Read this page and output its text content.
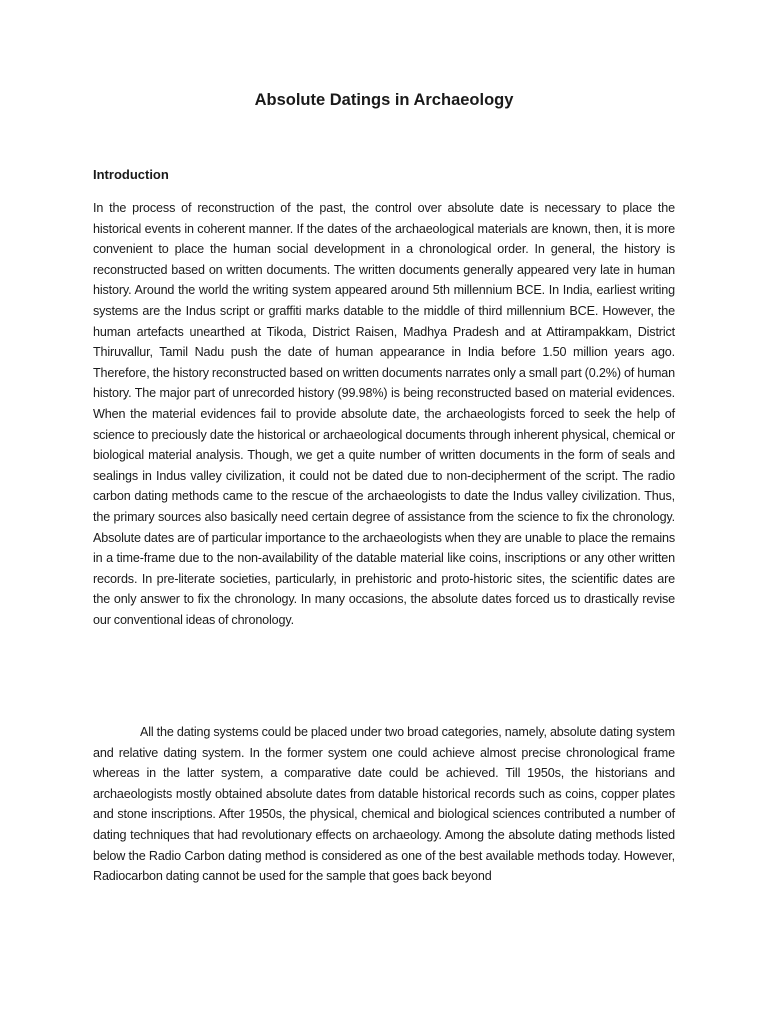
Absolute Datings in Archaeology
Introduction

In the process of reconstruction of the past, the control over absolute date is necessary to place the historical events in coherent manner. If the dates of the archaeological materials are known, then, it is more convenient to place the human social development in a chronological order. In general, the history is reconstructed based on written documents. The written documents generally appeared very late in human history. Around the world the writing system appeared around 5th millennium BCE. In India, earliest writing systems are the Indus script or graffiti marks datable to the middle of third millennium BCE. However, the human artefacts unearthed at Tikoda, District Raisen, Madhya Pradesh and at Attirampakkam, District Thiruvallur, Tamil Nadu push the date of human appearance in India before 1.50 million years ago. Therefore, the history reconstructed based on written documents narrates only a small part (0.2%) of human history. The major part of unrecorded history (99.98%) is being reconstructed based on material evidences. When the material evidences fail to provide absolute date, the archaeologists forced to seek the help of science to preciously date the historical or archaeological documents through inherent physical, chemical or biological material analysis. Though, we get a quite number of written documents in the form of seals and sealings in Indus valley civilization, it could not be dated due to non-decipherment of the script. The radio carbon dating methods came to the rescue of the archaeologists to date the Indus valley civilization. Thus, the primary sources also basically need certain degree of assistance from the science to fix the chronology. Absolute dates are of particular importance to the archaeologists when they are unable to place the remains in a time-frame due to the non-availability of the datable material like coins, inscriptions or any other written records. In pre-literate societies, particularly, in prehistoric and proto-historic sites, the scientific dates are the only answer to fix the chronology. In many occasions, the absolute dates forced us to drastically revise our conventional ideas of chronology.

All the dating systems could be placed under two broad categories, namely, absolute dating system and relative dating system. In the former system one could achieve almost precise chronological frame whereas in the latter system, a comparative date could be achieved. Till 1950s, the historians and archaeologists mostly obtained absolute dates from datable historical records such as coins, copper plates and stone inscriptions. After 1950s, the physical, chemical and biological sciences contributed a number of dating techniques that had revolutionary effects on archaeology. Among the absolute dating methods listed below the Radio Carbon dating method is considered as one of the best available methods today. However, Radiocarbon dating cannot be used for the sample that goes back beyond
